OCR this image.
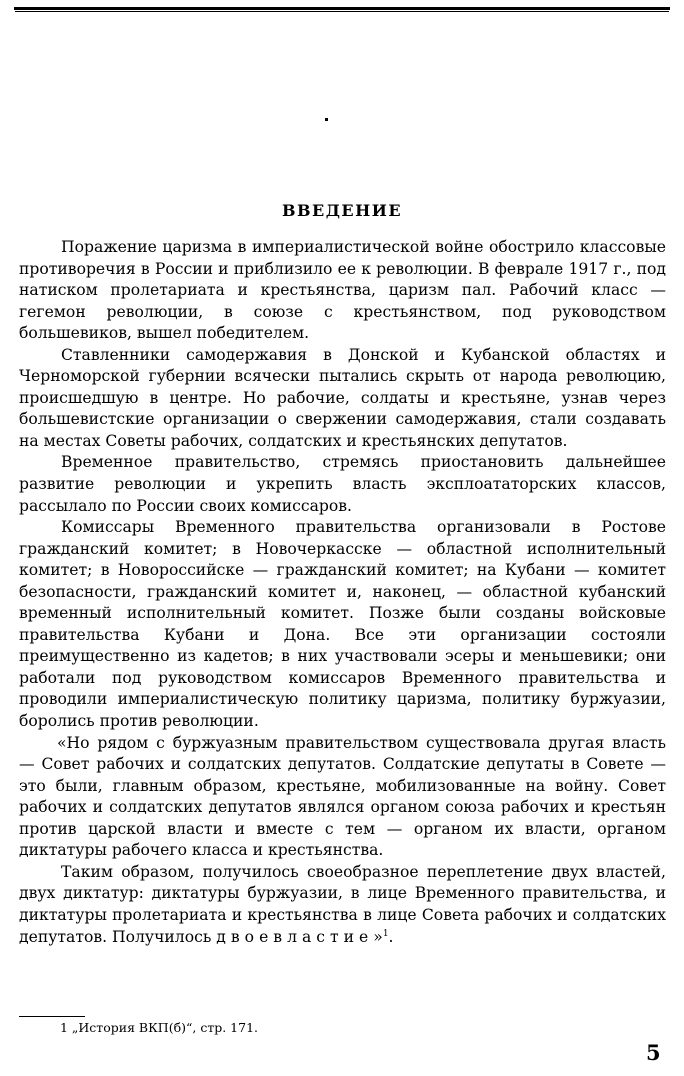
ВВЕДЕНИЕ

Поражение царизма в империалистической войне обострило классовые противоречия в России и приблизило ее к революции. В феврале 1917 г., под натиском пролетариата и крестьянства, царизм пал. Рабочий класс — гегемон революции, в союзе с крестьянством, под руководством большевиков, вышел победителем.

Ставленники самодержавия в Донской и Кубанской областях и Черноморской губернии всячески пытались скрыть от народа революцию, происшедшую в центре. Но рабочие, солдаты и крестьяне, узнав через большевистские организации о свержении самодержавия, стали создавать на местах Советы рабочих, солдатских и крестьянских депутатов.

Временное правительство, стремясь приостановить дальнейшее развитие революции и укрепить власть эксплоататорских классов, рассылало по России своих комиссаров.

Комиссары Временного правительства организовали в Ростове гражданский комитет; в Новочеркасске — областной исполнительный комитет; в Новороссийске — гражданский комитет; на Кубани — комитет безопасности, гражданский комитет и, наконец, — областной кубанский временный исполнительный комитет. Позже были созданы войсковые правительства Кубани и Дона. Все эти организации состояли преимущественно из кадетов; в них участвовали эсеры и меньшевики; они работали под руководством комиссаров Временного правительства и проводили империалистическую политику царизма, политику буржуазии, боролись против революции.

«Но рядом с буржуазным правительством существовала другая власть — Совет рабочих и солдатских депутатов. Солдатские депутаты в Совете — это были, главным образом, крестьяне, мобилизованные на войну. Совет рабочих и солдатских депутатов являлся органом союза рабочих и крестьян против царской власти и вместе с тем — органом их власти, органом диктатуры рабочего класса и крестьянства.

Таким образом, получилось своеобразное переплетение двух властей, двух диктатур: диктатуры буржуазии, в лице Временного правительства, и диктатуры пролетариата и крестьянства в лице Совета рабочих и солдатских депутатов. Получилось двоевластие»$^1$.

1 „История ВКП(б)“, стр. 171.

5
